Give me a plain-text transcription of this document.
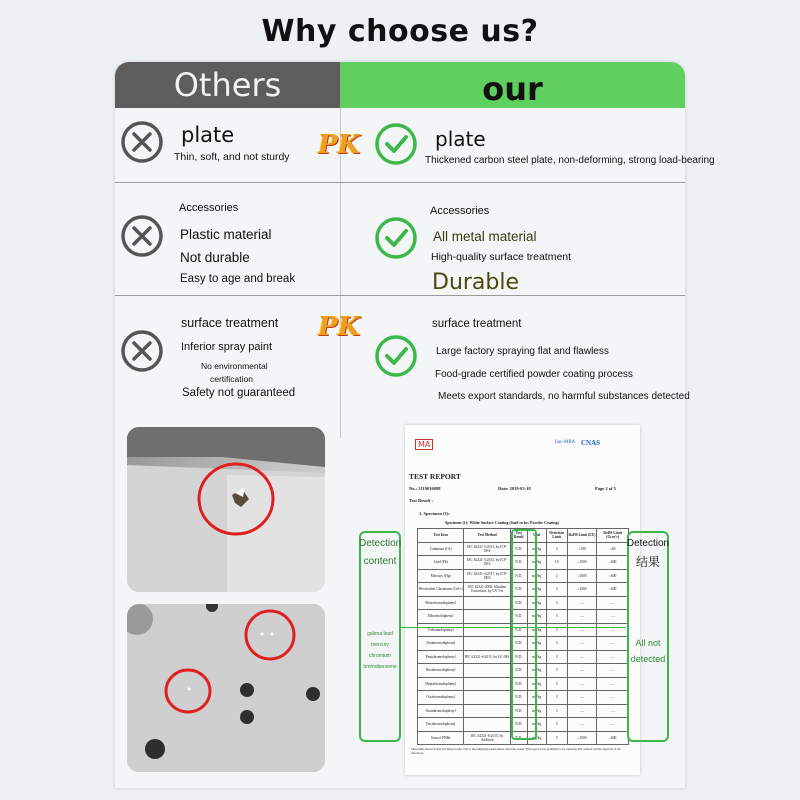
Why choose us?
Others	our
plate
Thin, soft, and not sturdy PK	plate
Thickened carbon steel plate, non-deforming, strong load-bearing
Accessories
Plastic material
Not durable
Easy to age and break
Accessories
All metal material
High-quality surface treatment
Durable
surface treatment
Inferior spray paint
No environmental
certification
Safety not guaranteed
PK	surface treatment
Large factory spraying flat and flawless
Food-grade certified powder coating process
Meets export standards, no harmful substances detected
MA	ilac-MRA CNAS
TEST REPORT
No.: 2119016098	Date: 2019-03-18	Page 2 of 5
Test Result :
1. Specimen (1):
Specimen (1): White Surface Coating (Said to be: Powder Coating)
Test Item	Test Method	Test Result	Unit	Detection Limit	RoHS Limit (EU)	RoHS Limit (Gcov's)
Cadmium (Cd)	IEC 62321-5:2013, by ICP-OES	N.D.	mg/kg	5	≤100	≤60
Lead (Pb)	IEC 62321-5:2013, by ICP-OES	N.D.	mg/kg	10	≤1000	≤600
Mercury (Hg)	IEC 62321-4:2017, by ICP-OES	N.D.	mg/kg	2	≤1000	≤600
Hexavalent Chromium (Cr6+)	IEC 62321:2008, Alkaline Extraction, by UV-Vis	N.D.	mg/kg	5	≤1000	≤600
Monobromobiphenyl		N.D.	mg/kg	5	—	—
Dibromobiphenyl		N.D.	mg/kg	5	—	—
Tribromobiphenyl		N.D.	mg/kg	5	—	—
Tetrabromobiphenyl		N.D.	mg/kg	5	—	—
Pentabromobiphenyl	IEC 62321-6:2015, by GC-MS	N.D.	mg/kg	5	—	—
Hexabromobiphenyl		N.D.	mg/kg	5	—	—
Heptabromobiphenyl		N.D.	mg/kg	5	—	—
Octabromobiphenyl		N.D.	mg/kg	5	—	—
Nonabromobiphenyl		N.D.	mg/kg	5	—	—
Decabromobiphenyl		N.D.	mg/kg	5	—	—
Sum of PBBs	IEC 62321-6:2015, by Addition	N.D.	mg/kg	5	≤1000	≤600
The results shown in this Test Report refer only to the sample(s) tested unless otherwise stated. This report is not permitted to be copied in full, without written approval of the laboratory.
Detection
content
galena lead
mercury
chromium
bromobenzene
Detection
结果
All not
detected
